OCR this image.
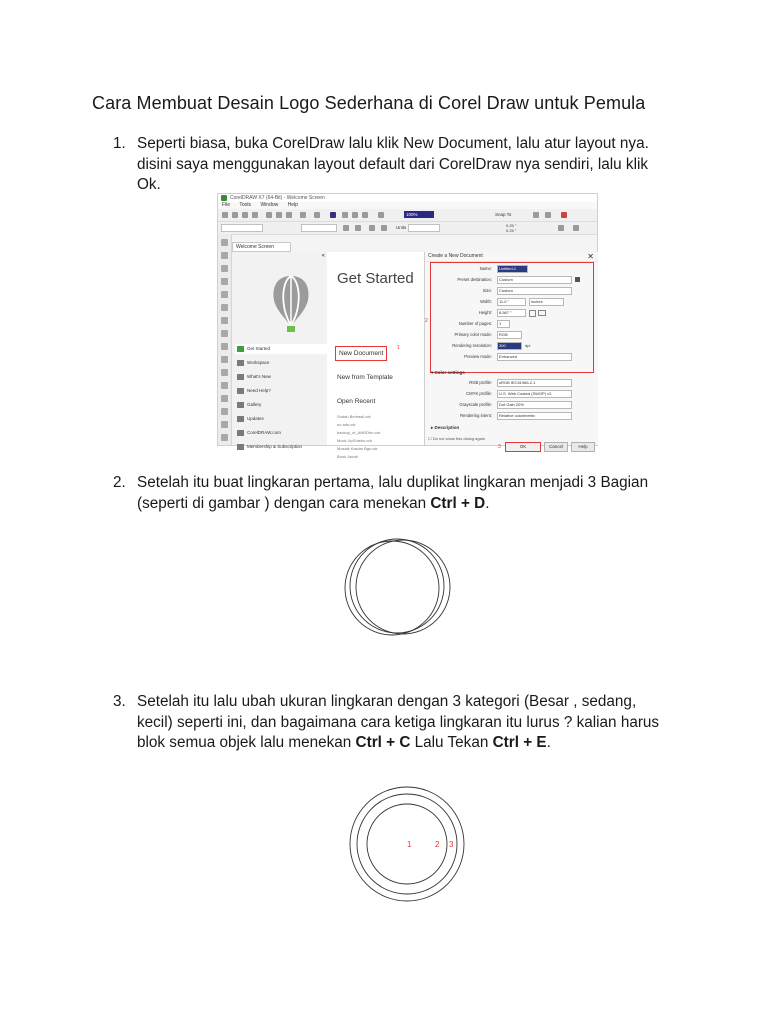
Cara Membuat Desain Logo Sederhana di Corel Draw untuk Pemula
1. Seperti biasa, buka CorelDraw lalu klik New Document, lalu atur layout nya. disini saya menggunakan layout default dari CorelDraw nya sendiri, lalu klik Ok.
CorelDRAW X7 (64-Bit) - Welcome Screen
File Tools Window Help
100%	Snap To
Units	0.25 "
0.25 "
Welcome Screen
«
Get Started
Workspace
What's New
Need Help?
Gallery
Updates
CorelDRAW.com
Membership & Subscription
Get Started
New Document
1
New from Template
Open Recent
Sudah Berhasil.cdr
no ads.cdr
backup_of_ANRDtm.cdr
Mock UpSuteko.cdr
Mosaik Kasian Bgs.cdr
Book Jacob
Create a New Document	✕
2
Name:	Untitled-1
Preset destination:	Custom
Size:	Custom
Width:	11.0 "	inches
Height:	8.567 "
Number of pages:	1
Primary color mode:	RGB
Rendering resolution:	300	dpi
Preview mode:	Enhanced
▾ Color settings
RGB profile:	sRGB IEC61966-2.1
CMYK profile:	U.S. Web Coated (SWOP) v2
Grayscale profile:	Dot Gain 20%
Rendering intent:	Relative colorimetric
▸ Description
☐ Do not show this dialog again
3	OK	Cancel	Help
2. Setelah itu buat lingkaran pertama, lalu duplikat lingkaran menjadi 3 Bagian (seperti di gambar ) dengan cara menekan Ctrl + D.
3. Setelah itu lalu ubah ukuran lingkaran dengan 3 kategori (Besar , sedang, kecil) seperti ini, dan bagaimana cara ketiga lingkaran itu lurus ? kalian harus blok semua objek lalu menekan Ctrl + C Lalu Tekan Ctrl + E.
1	2 3
